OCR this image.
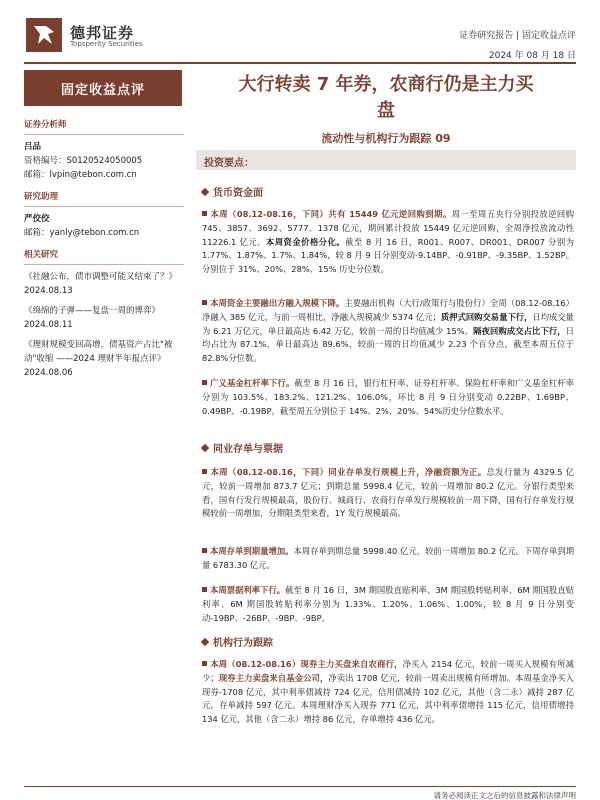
德邦证券
Topsperity Securities
证券研究报告 | 固定收益点评
2024 年 08 月 18 日
固定收益点评
证券分析师
吕品
资格编号：S0120524050005
邮箱：lvpin@tebon.com.cn
研究助理
严佼佼
邮箱：yanly@tebon.com.cn
相关研究
《社融公布，债市调整可能又结束了？》2024.08.13
《绵绵的子弹——复盘一周的博弈》2024.08.11
《理财规模变回高增，债基资产占比"被动"收缩 ——2024 理财半年报点评》2024.08.06
大行转卖 7 年券，农商行仍是主力买
盘
流动性与机构行为跟踪 09
投资要点：
货币资金面
本周（08.12-08.16，下同）共有 15449 亿元逆回购到期。周一至周五央行分别投放逆回购 745、3857、3692、5777、1378 亿元，期间累计投放 15449 亿元逆回购，全周净投放流动性 11226.1 亿元。本周资金价格分化。截至 8 月 16 日，R001、R007、DR001、DR007 分别为 1.77%、1.87%、1.7%、1.84%，较 8 月 9 日分别变动-9.14BP、-0.91BP、-9.35BP、1.52BP。分别位于 31%、20%、28%、15% 历史分位数。
本周资金主要融出方融入规模下降。主要融出机构（大行/政策行与股份行）全周（08.12-08.16）净融入 385 亿元，与前一周相比，净融入规模减少 5374 亿元；质押式回购交易量下行，日均成交量为 6.21 万亿元，单日最高达 6.42 万亿，较前一周的日均值减少 15%。隔夜回购成交占比下行，日均占比为 87.1%，单日最高达 89.6%，较前一周的日均值减少 2.23 个百分点，截至本周五位于 82.8%分位数。
广义基金杠杆率下行。截至 8 月 16 日，银行杠杆率、证券杠杆率、保险杠杆率和广义基金杠杆率分别为 103.5%、183.2%、121.2%、106.0%，环比 8 月 9 日分别变动 0.22BP、1.69BP、0.49BP、-0.19BP，截至周五分别位于 14%、2%、20%、54%历史分位数水平。
同业存单与票据
本周（08.12-08.16，下同）同业存单发行规模上升，净融资额为正。总发行量为 4329.5 亿元，较前一周增加 873.7 亿元；到期总量 5998.4 亿元，较前一周增加 80.2 亿元。分银行类型来看，国有行发行规模最高，股份行、城商行、农商行存单发行规模较前一周下降，国有行存单发行规模较前一周增加，分期限类型来看，1Y 发行规模最高。
本周存单到期量增加。本周存单到期总量 5998.40 亿元，较前一周增加 80.2 亿元。下周存单到期量 6783.30 亿元。
本周票据利率下行。截至 8 月 16 日，3M 期国股直贴利率、3M 期国股转贴利率、6M 期国股直贴利率、6M 期国股转贴利率分别为 1.33%、1.20%、1.06%、1.00%，较 8 月 9 日分别变动-19BP、-26BP、-9BP、-9BP。
机构行为跟踪
本周（08.12-08.16）现券主力买盘来自农商行，净买入 2154 亿元，较前一周买入规模有所减少；现券主力卖盘来自基金公司，净卖出 1708 亿元，较前一周卖出规模有所增加。本周基金净买入现券-1708 亿元，其中利率债减持 724 亿元，信用债减持 102 亿元，其他（含二永）减持 287 亿元，存单减持 597 亿元。本周理财净买入现券 771 亿元，其中利率债增持 115 亿元，信用债增持 134 亿元，其他（含二永）增持 86 亿元，存单增持 436 亿元。
请务必阅读正文之后的信息披露和法律声明
